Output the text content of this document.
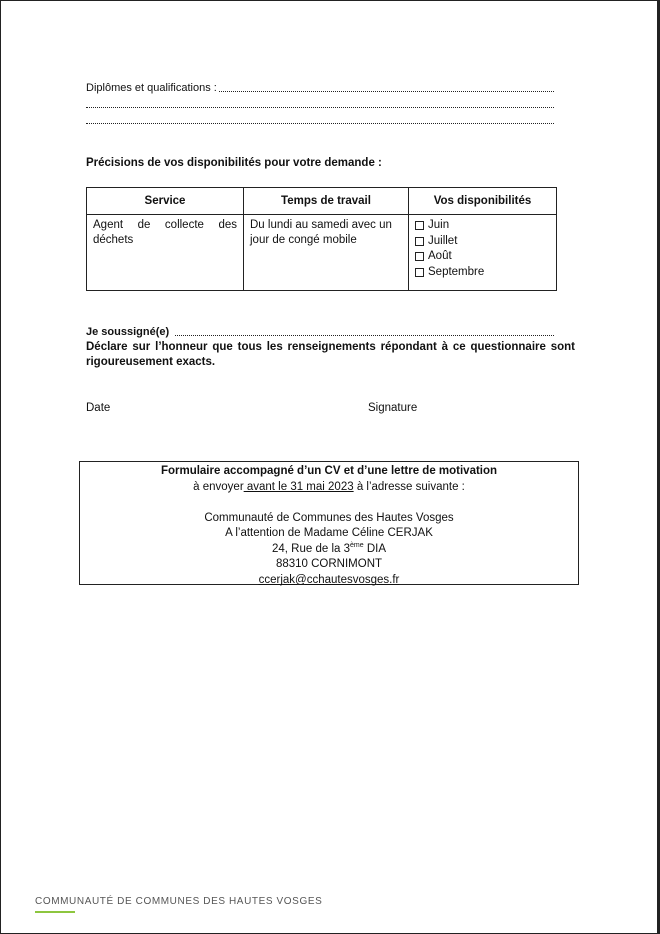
Diplômes et qualifications :
Précisions de vos disponibilités pour votre demande :
Service	Temps de travail	Vos disponibilités
Agent de collecte des déchets	Du lundi au samedi avec un jour de congé mobile	Juin
Juillet
Août
Septembre
Je soussigné(e)
Déclare sur l’honneur que tous les renseignements répondant à ce questionnaire sont rigoureusement exacts.
Date	Signature
Formulaire accompagné d’un CV et d’une lettre de motivation
à envoyer avant le 31 mai 2023 à l’adresse suivante :
Communauté de Communes des Hautes Vosges
A l’attention de Madame Céline CERJAK
24, Rue de la 3ème DIA
88310 CORNIMONT
ccerjak@cchautesvosges.fr
COMMUNAUTÉ DE COMMUNES DES HAUTES VOSGES
